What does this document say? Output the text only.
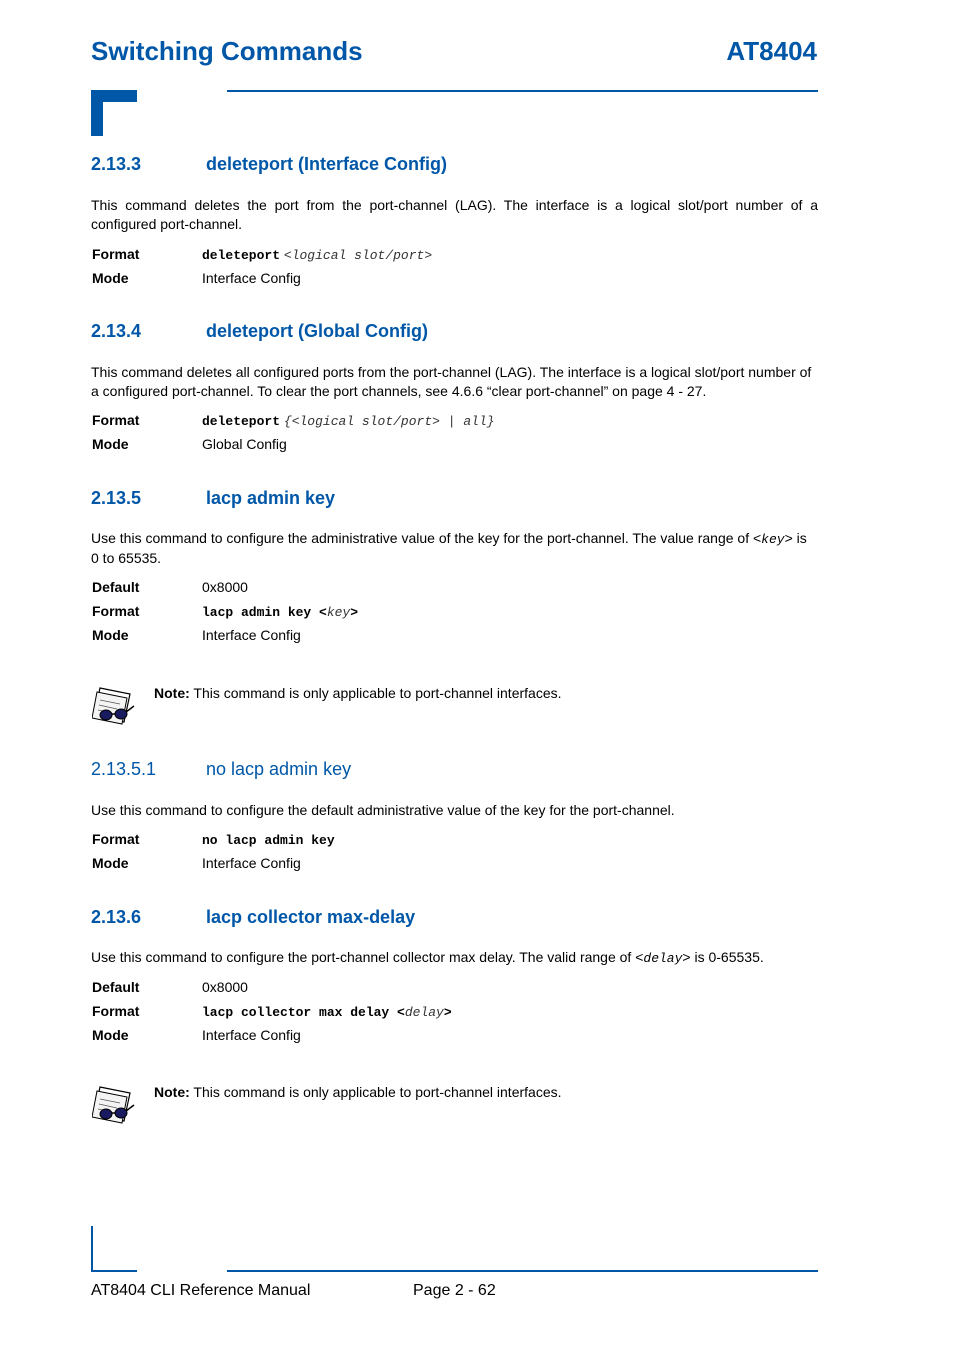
Switching Commands	AT8404
2.13.3	deleteport (Interface Config)
This command deletes the port from the port-channel (LAG). The interface is a logical slot/port number of a configured port-channel.
Format	deleteport <logical slot/port>
Mode	Interface Config
2.13.4	deleteport (Global Config)
This command deletes all configured ports from the port-channel (LAG). The interface is a logical slot/port number of a configured port-channel. To clear the port channels, see 4.6.6 “clear port-channel” on page 4 - 27.
Format	deleteport {<logical slot/port> | all}
Mode	Global Config
2.13.5	lacp admin key
Use this command to configure the administrative value of the key for the port-channel. The value range of <key> is 0 to 65535.
Default	0x8000
Format	lacp admin key <key>
Mode	Interface Config
Note: This command is only applicable to port-channel interfaces.
2.13.5.1	no lacp admin key
Use this command to configure the default administrative value of the key for the port-channel.
Format	no lacp admin key
Mode	Interface Config
2.13.6	lacp collector max-delay
Use this command to configure the port-channel collector max delay. The valid range of <delay> is 0-65535.
Default	0x8000
Format	lacp collector max delay <delay>
Mode	Interface Config
Note: This command is only applicable to port-channel interfaces.
AT8404 CLI Reference Manual	Page 2 - 62
